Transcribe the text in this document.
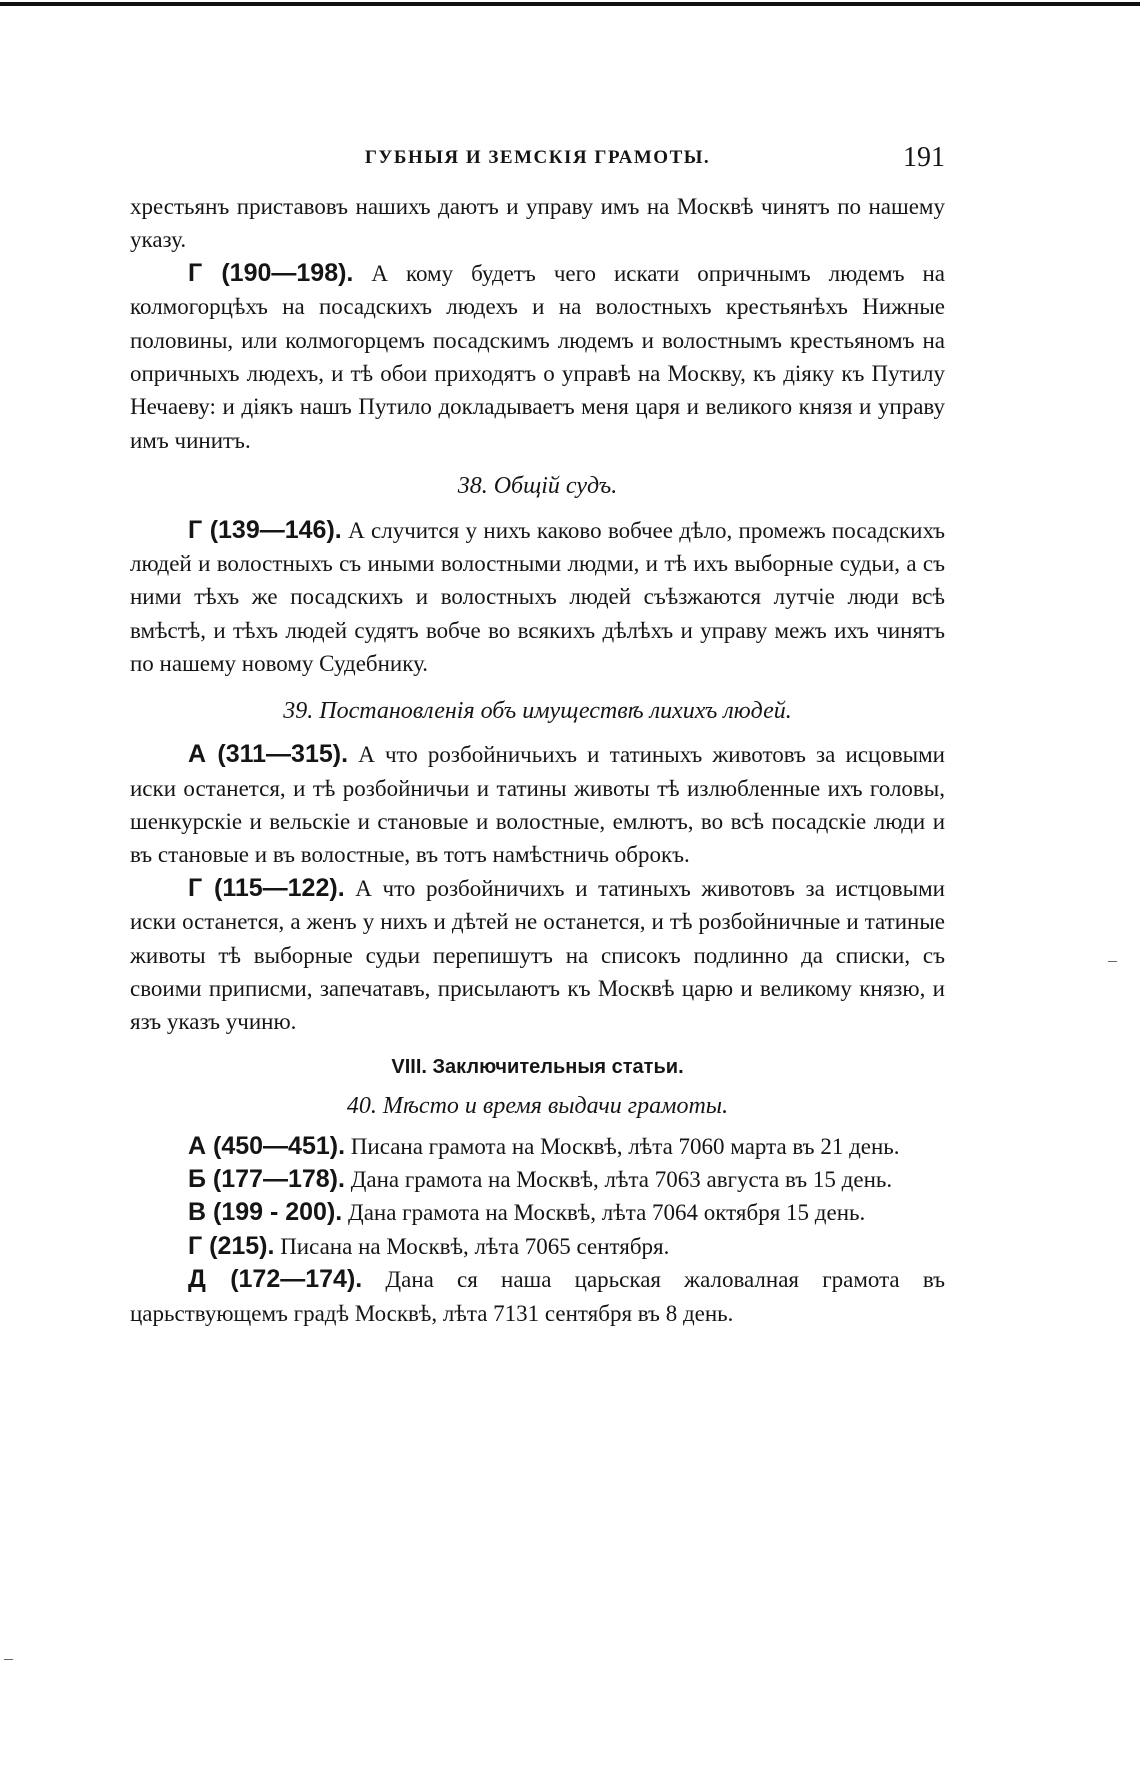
ГУБНЫЯ И ЗЕМСКІЯ ГРАМОТЫ.	191

хрестьянъ приставовъ нашихъ даютъ и управу имъ на Москвѣ чинятъ по нашему указу.

Г (190—198). А кому будетъ чего искати опричнымъ людемъ на колмогорцѣхъ на посадскихъ людехъ и на волостныхъ крестьянѣхъ Нижные половины, или колмогорцемъ посадскимъ людемъ и волостнымъ крестьяномъ на опричныхъ людехъ, и тѣ обои приходятъ о управѣ на Москву, къ діяку къ Путилу Нечаеву: и діякъ нашъ Путило докладываетъ меня царя и великого князя и управу имъ чинитъ.

38. Общій судъ.

Г (139—146). А случится у нихъ каково вобчее дѣло, промежъ посадскихъ людей и волостныхъ съ иными волостными людми, и тѣ ихъ выборные судьи, а съ ними тѣхъ же посадскихъ и волостныхъ людей съѣзжаются лутчіе люди всѣ вмѣстѣ, и тѣхъ людей судятъ вобче во всякихъ дѣлѣхъ и управу межъ ихъ чинятъ по нашему новому Судебнику.

39. Постановленія объ имуществѣ лихихъ людей.

А (311—315). А что розбойничьихъ и татиныхъ животовъ за исцовыми иски останется, и тѣ розбойничьи и татины животы тѣ излюбленные ихъ головы, шенкурскіе и вельскіе и становые и волостные, емлютъ, во всѣ посадскіе люди и въ становые и въ волостные, въ тотъ намѣстничь оброкъ.

Г (115—122). А что розбойничихъ и татиныхъ животовъ за истцовыми иски останется, а женъ у нихъ и дѣтей не останется, и тѣ розбойничные и татиные животы тѣ выборные судьи перепишутъ на списокъ подлинно да списки, съ своими приписми, запечатавъ, присылаютъ къ Москвѣ царю и великому князю, и язъ указъ учиню.

VIII. Заключительныя статьи.

40. Мѣсто и время выдачи грамоты.

А (450—451). Писана грамота на Москвѣ, лѣта 7060 марта въ 21 день.

Б (177—178). Дана грамота на Москвѣ, лѣта 7063 августа въ 15 день.

В (199 - 200). Дана грамота на Москвѣ, лѣта 7064 октября 15 день.

Г (215). Писана на Москвѣ, лѣта 7065 сентября.

Д (172—174). Дана ся наша царьская жаловалная грамота въ царьствующемъ градѣ Москвѣ, лѣта 7131 сентября въ 8 день.

‒
‒
